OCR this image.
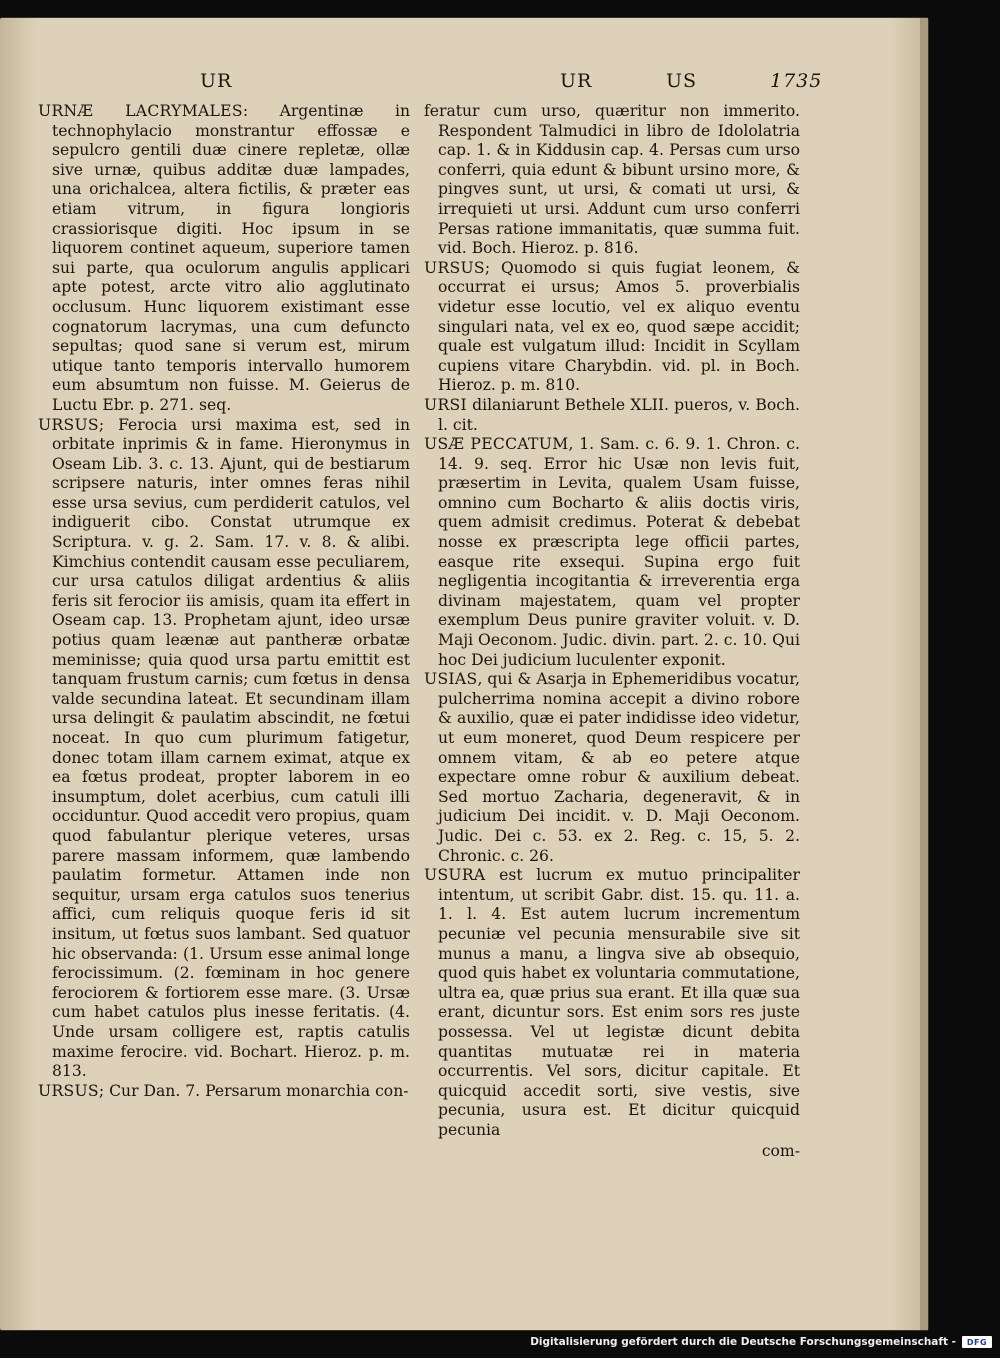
UR	UR	US	1735

URNÆ LACRYMALES: Argentinæ in technophylacio monstrantur effossæ e sepulcro gentili duæ cinere repletæ, ollæ sive urnæ, quibus additæ duæ lampades, una orichalcea, altera fictilis, & præter eas etiam vitrum, in figura longioris crassiorisque digiti. Hoc ipsum in se liquorem continet aqueum, superiore tamen sui parte, qua oculorum angulis applicari apte potest, arcte vitro alio agglutinato occlusum. Hunc liquorem existimant esse cognatorum lacrymas, una cum defuncto sepultas; quod sane si verum est, mirum utique tanto temporis intervallo humorem eum absumtum non fuisse. M. Geierus de Luctu Ebr. p. 271. seq.

URSUS; Ferocia ursi maxima est, sed in orbitate inprimis & in fame. Hieronymus in Oseam Lib. 3. c. 13. Ajunt, qui de bestiarum scripsere naturis, inter omnes feras nihil esse ursa sevius, cum perdiderit catulos, vel indiguerit cibo. Constat utrumque ex Scriptura. v. g. 2. Sam. 17. v. 8. & alibi. Kimchius contendit causam esse peculiarem, cur ursa catulos diligat ardentius & aliis feris sit ferocior iis amisis, quam ita effert in Oseam cap. 13. Prophetam ajunt, ideo ursæ potius quam leænæ aut pantheræ orbatæ meminisse; quia quod ursa partu emittit est tanquam frustum carnis; cum fœtus in densa valde secundina lateat. Et secundinam illam ursa delingit & paulatim abscindit, ne fœtui noceat. In quo cum plurimum fatigetur, donec totam illam carnem eximat, atque ex ea fœtus prodeat, propter laborem in eo insumptum, dolet acerbius, cum catuli illi occiduntur. Quod accedit vero propius, quam quod fabulantur plerique veteres, ursas parere massam informem, quæ lambendo paulatim formetur. Attamen inde non sequitur, ursam erga catulos suos tenerius affici, cum reliquis quoque feris id sit insitum, ut fœtus suos lambant. Sed quatuor hic observanda: (1. Ursum esse animal longe ferocissimum. (2. fœminam in hoc genere ferociorem & fortiorem esse mare. (3. Ursæ cum habet catulos plus inesse feritatis. (4. Unde ursam colligere est, raptis catulis maxime ferocire. vid. Bochart. Hieroz. p. m. 813.

URSUS; Cur Dan. 7. Persarum monarchia con-

feratur cum urso, quæritur non immerito. Respondent Talmudici in libro de Idololatria cap. 1. & in Kiddusin cap. 4. Persas cum urso conferri, quia edunt & bibunt ursino more, & pingves sunt, ut ursi, & comati ut ursi, & irrequieti ut ursi. Addunt cum urso conferri Persas ratione immanitatis, quæ summa fuit. vid. Boch. Hieroz. p. 816.

URSUS; Quomodo si quis fugiat leonem, & occurrat ei ursus; Amos 5. proverbialis videtur esse locutio, vel ex aliquo eventu singulari nata, vel ex eo, quod sæpe accidit; quale est vulgatum illud: Incidit in Scyllam cupiens vitare Charybdin. vid. pl. in Boch. Hieroz. p. m. 810.

URSI dilaniarunt Bethele XLII. pueros, v. Boch. l. cit.

USÆ PECCATUM, 1. Sam. c. 6. 9. 1. Chron. c. 14. 9. seq. Error hic Usæ non levis fuit, præsertim in Levita, qualem Usam fuisse, omnino cum Bocharto & aliis doctis viris, quem admisit credimus. Poterat & debebat nosse ex præscripta lege officii partes, easque rite exsequi. Supina ergo fuit negligentia incogitantia & irreverentia erga divinam majestatem, quam vel propter exemplum Deus punire graviter voluit. v. D. Maji Oeconom. Judic. divin. part. 2. c. 10. Qui hoc Dei judicium luculenter exponit.

USIAS, qui & Asarja in Ephemeridibus vocatur, pulcherrima nomina accepit a divino robore & auxilio, quæ ei pater indidisse ideo videtur, ut eum moneret, quod Deum respicere per omnem vitam, & ab eo petere atque expectare omne robur & auxilium debeat. Sed mortuo Zacharia, degeneravit, & in judicium Dei incidit. v. D. Maji Oeconom. Judic. Dei c. 53. ex 2. Reg. c. 15, 5. 2. Chronic. c. 26.

USURA est lucrum ex mutuo principaliter intentum, ut scribit Gabr. dist. 15. qu. 11. a. 1. l. 4. Est autem lucrum incrementum pecuniæ vel pecunia mensurabile sive sit munus a manu, a lingva sive ab obsequio, quod quis habet ex voluntaria commutatione, ultra ea, quæ prius sua erant. Et illa quæ sua erant, dicuntur sors. Est enim sors res juste possessa. Vel ut legistæ dicunt debita quantitas mutuatæ rei in materia occurrentis. Vel sors, dicitur capitale. Et quicquid accedit sorti, sive vestis, sive pecunia, usura est. Et dicitur quicquid pecunia

com-

Digitalisierung gefördert durch die Deutsche Forschungsgemeinschaft - DFG
